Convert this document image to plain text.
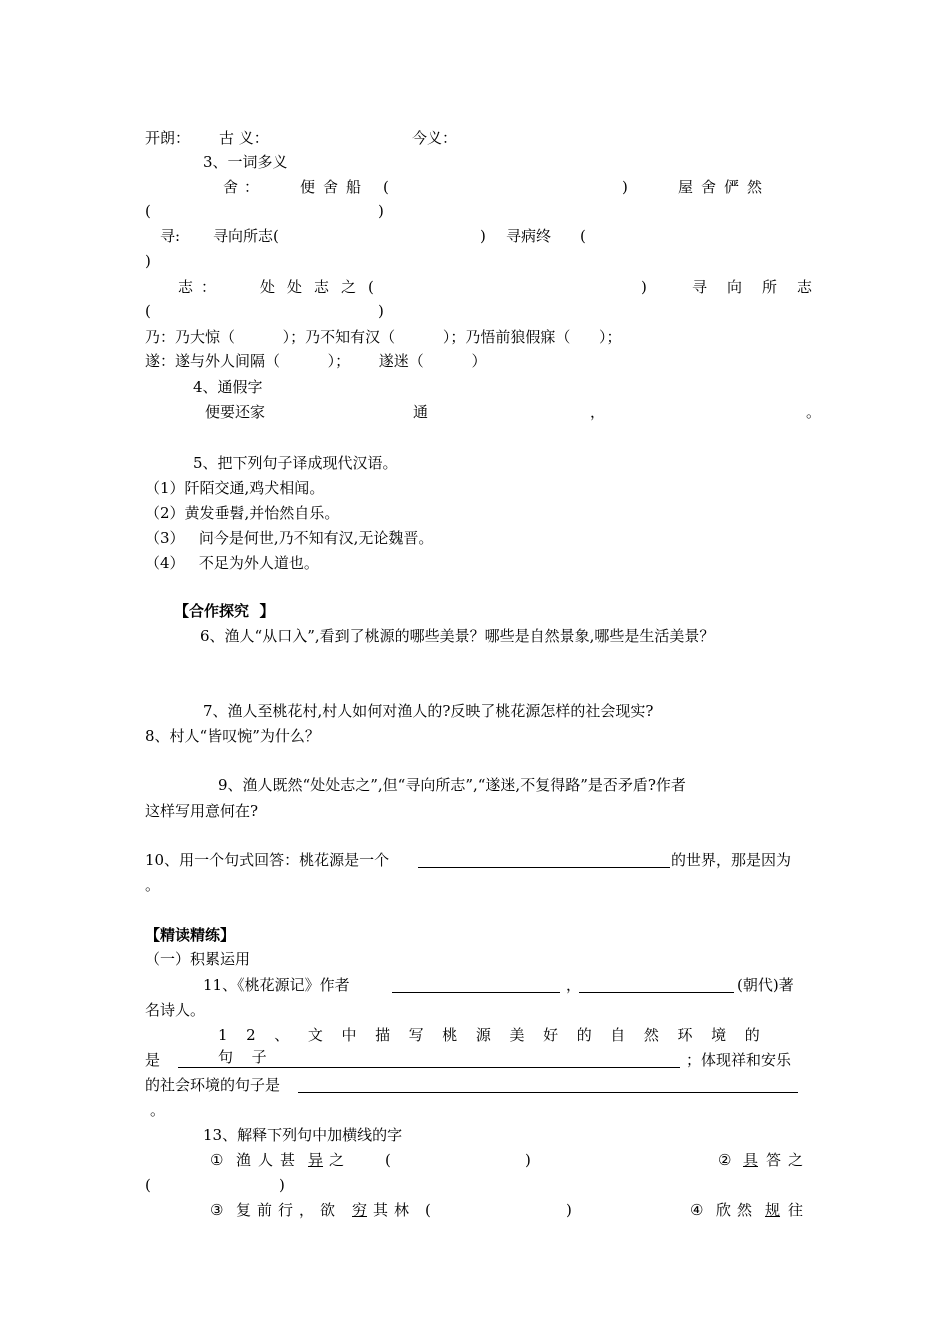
开朗： 古 义：	今义：
3、一词多义
舍： 便舍船 (	)	屋舍俨然
(	)
寻: 寻向所志(	) 寻病终 (
)
志： 处处志之(	)	寻向所志
(	)
乃：乃大惊（          ）；乃不知有汉（          ）；乃悟前狼假寐（      ）；
遂：遂与外人间隔（          ）；      遂迷（          ）
4、通假字
便要还家	通	，	。
5、把下列句子译成现代汉语。
（1）阡陌交通,鸡犬相闻。
（2）黄发垂髫,并怡然自乐。
（3）   问今是何世,乃不知有汉,无论魏晋。
（4）   不足为外人道也。
【合作探究  】
6、渔人“从口入”,看到了桃源的哪些美景？哪些是自然景象,哪些是生活美景？
7、渔人至桃花村,村人如何对渔人的?反映了桃花源怎样的社会现实?
8、村人“皆叹惋”为什么？
9、渔人既然“处处志之”,但“寻向所志”,“遂迷,不复得路”是否矛盾?作者
这样写用意何在?
10、用一个句式回答：桃花源是一个	的世界，那是因为
。
【精读精练】
（一）积累运用
11、《桃花源记》作者	，	(朝代)著
名诗人。
12、文中描写桃源美好的自然环境的句子
是	；体现祥和安乐
的社会环境的句子是
。
13、解释下列句中加横线的字
① 渔人甚 异 之	(	)	② 具 答之
(	)
③ 复前行，欲 穷 其林 (	)	④ 欣然 规 往
